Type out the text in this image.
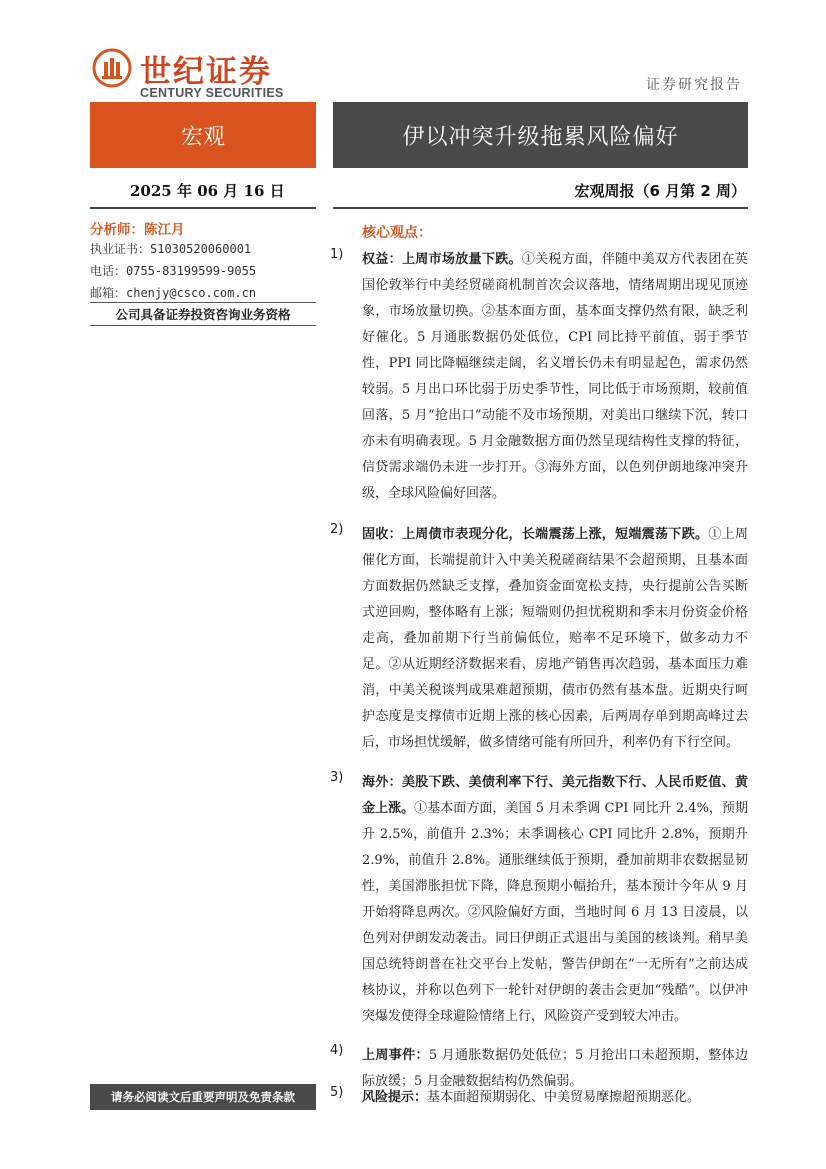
世纪证券
CENTURY SECURITIES	证券研究报告
宏观	伊以冲突升级拖累风险偏好
2025 年 06 月 16 日	宏观周报（6 月第 2 周）
分析师：陈江月
执业证书：S1030520060001
电话：0755-83199599-9055
邮箱：chenjy@csco.com.cn
公司具备证券投资咨询业务资格
请务必阅读文后重要声明及免责条款
核心观点：
1) 权益：上周市场放量下跌。①关税方面，伴随中美双方代表团在英国伦敦举行中美经贸磋商机制首次会议落地，情绪周期出现见顶迹象，市场放量切换。②基本面方面，基本面支撑仍然有限，缺乏利好催化。5 月通胀数据仍处低位，CPI 同比持平前值，弱于季节性，PPI 同比降幅继续走阔，名义增长仍未有明显起色，需求仍然较弱。5 月出口环比弱于历史季节性，同比低于市场预期，较前值回落，5 月“抢出口”动能不及市场预期，对美出口继续下沉，转口亦未有明确表现。5 月金融数据方面仍然呈现结构性支撑的特征，信贷需求端仍未进一步打开。③海外方面，以色列伊朗地缘冲突升级，全球风险偏好回落。
2) 固收：上周债市表现分化，长端震荡上涨，短端震荡下跌。①上周催化方面，长端提前计入中美关税磋商结果不会超预期，且基本面方面数据仍然缺乏支撑，叠加资金面宽松支持，央行提前公告买断式逆回购，整体略有上涨；短端则仍担忧税期和季末月份资金价格走高，叠加前期下行当前偏低位，赔率不足环境下，做多动力不足。②从近期经济数据来看，房地产销售再次趋弱，基本面压力难消，中美关税谈判成果难超预期，债市仍然有基本盘。近期央行呵护态度是支撑债市近期上涨的核心因素，后两周存单到期高峰过去后，市场担忧缓解，做多情绪可能有所回升，利率仍有下行空间。
3) 海外：美股下跌、美债利率下行、美元指数下行、人民币贬值、黄金上涨。①基本面方面，美国 5 月未季调 CPI 同比升 2.4%，预期升 2.5%，前值升 2.3%；未季调核心 CPI 同比升 2.8%，预期升 2.9%，前值升 2.8%。通胀继续低于预期，叠加前期非农数据显韧性，美国滞胀担忧下降，降息预期小幅抬升，基本预计今年从 9 月开始将降息两次。②风险偏好方面，当地时间 6 月 13 日凌晨，以色列对伊朗发动袭击。同日伊朗正式退出与美国的核谈判。稍早美国总统特朗普在社交平台上发帖，警告伊朗在“一无所有”之前达成核协议，并称以色列下一轮针对伊朗的袭击会更加“残酷”。以伊冲突爆发使得全球避险情绪上行，风险资产受到较大冲击。
4) 上周事件：5 月通胀数据仍处低位；5 月抢出口未超预期，整体边际放缓；5 月金融数据结构仍然偏弱。
5) 风险提示：基本面超预期弱化、中美贸易摩擦超预期恶化。
